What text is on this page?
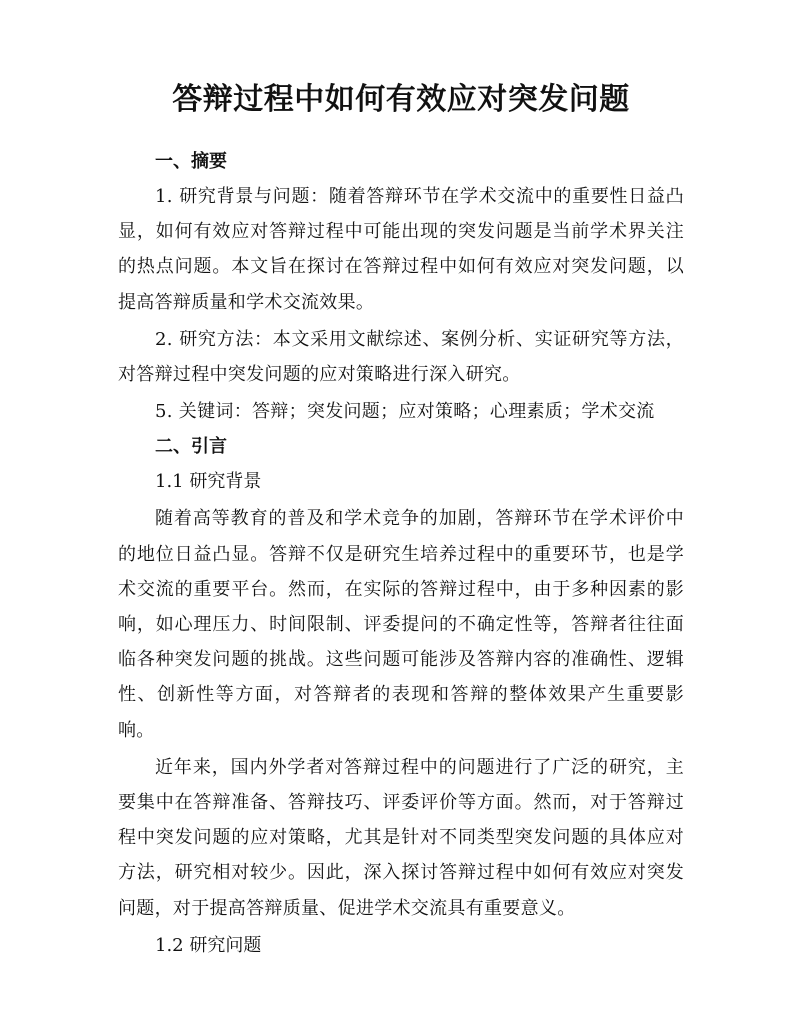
答辩过程中如何有效应对突发问题
一、摘要

1. 研究背景与问题：随着答辩环节在学术交流中的重要性日益凸显，如何有效应对答辩过程中可能出现的突发问题是当前学术界关注的热点问题。本文旨在探讨在答辩过程中如何有效应对突发问题，以提高答辩质量和学术交流效果。

2. 研究方法：本文采用文献综述、案例分析、实证研究等方法，对答辩过程中突发问题的应对策略进行深入研究。

5. 关键词：答辩；突发问题；应对策略；心理素质；学术交流

二、引言

1.1 研究背景

随着高等教育的普及和学术竞争的加剧，答辩环节在学术评价中的地位日益凸显。答辩不仅是研究生培养过程中的重要环节，也是学术交流的重要平台。然而，在实际的答辩过程中，由于多种因素的影响，如心理压力、时间限制、评委提问的不确定性等，答辩者往往面临各种突发问题的挑战。这些问题可能涉及答辩内容的准确性、逻辑性、创新性等方面，对答辩者的表现和答辩的整体效果产生重要影响。

近年来，国内外学者对答辩过程中的问题进行了广泛的研究，主要集中在答辩准备、答辩技巧、评委评价等方面。然而，对于答辩过程中突发问题的应对策略，尤其是针对不同类型突发问题的具体应对方法，研究相对较少。因此，深入探讨答辩过程中如何有效应对突发问题，对于提高答辩质量、促进学术交流具有重要意义。

1.2 研究问题
